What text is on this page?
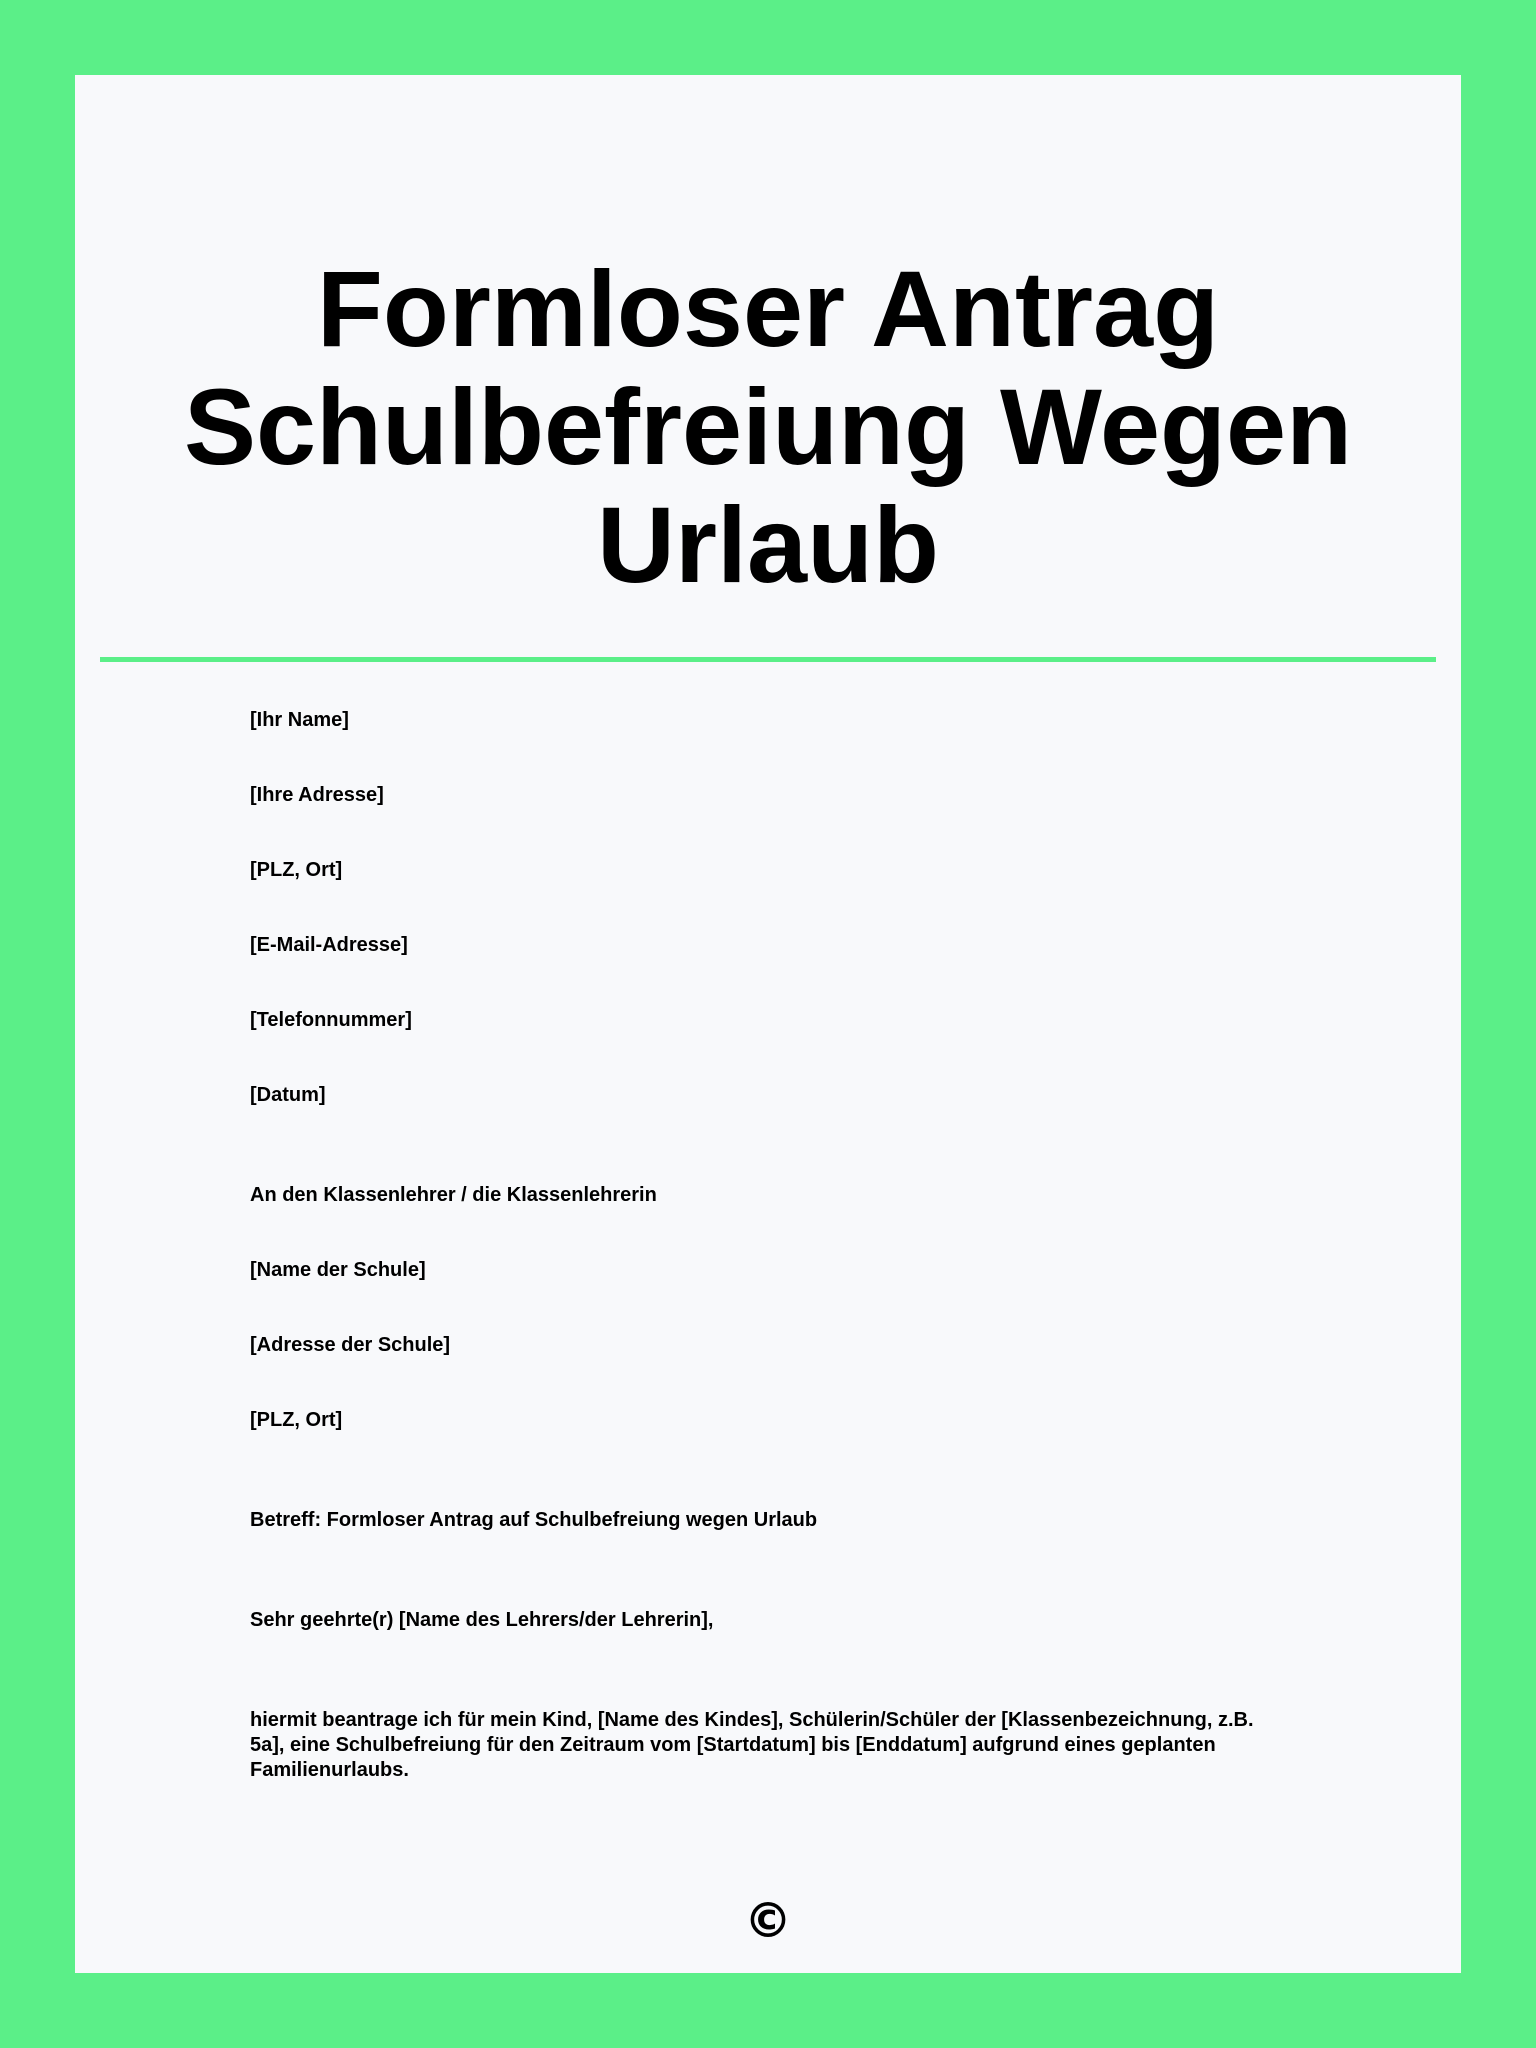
Formloser Antrag
Schulbefreiung Wegen
Urlaub

[Ihr Name]

[Ihre Adresse]

[PLZ, Ort]

[E-Mail-Adresse]

[Telefonnummer]

[Datum]

An den Klassenlehrer / die Klassenlehrerin

[Name der Schule]

[Adresse der Schule]

[PLZ, Ort]

Betreff: Formloser Antrag auf Schulbefreiung wegen Urlaub

Sehr geehrte(r) [Name des Lehrers/der Lehrerin],

hiermit beantrage ich für mein Kind, [Name des Kindes], Schülerin/Schüler der [Klassenbezeichnung, z.B. 5a], eine Schulbefreiung für den Zeitraum vom [Startdatum] bis [Enddatum] aufgrund eines geplanten Familienurlaubs.

©
